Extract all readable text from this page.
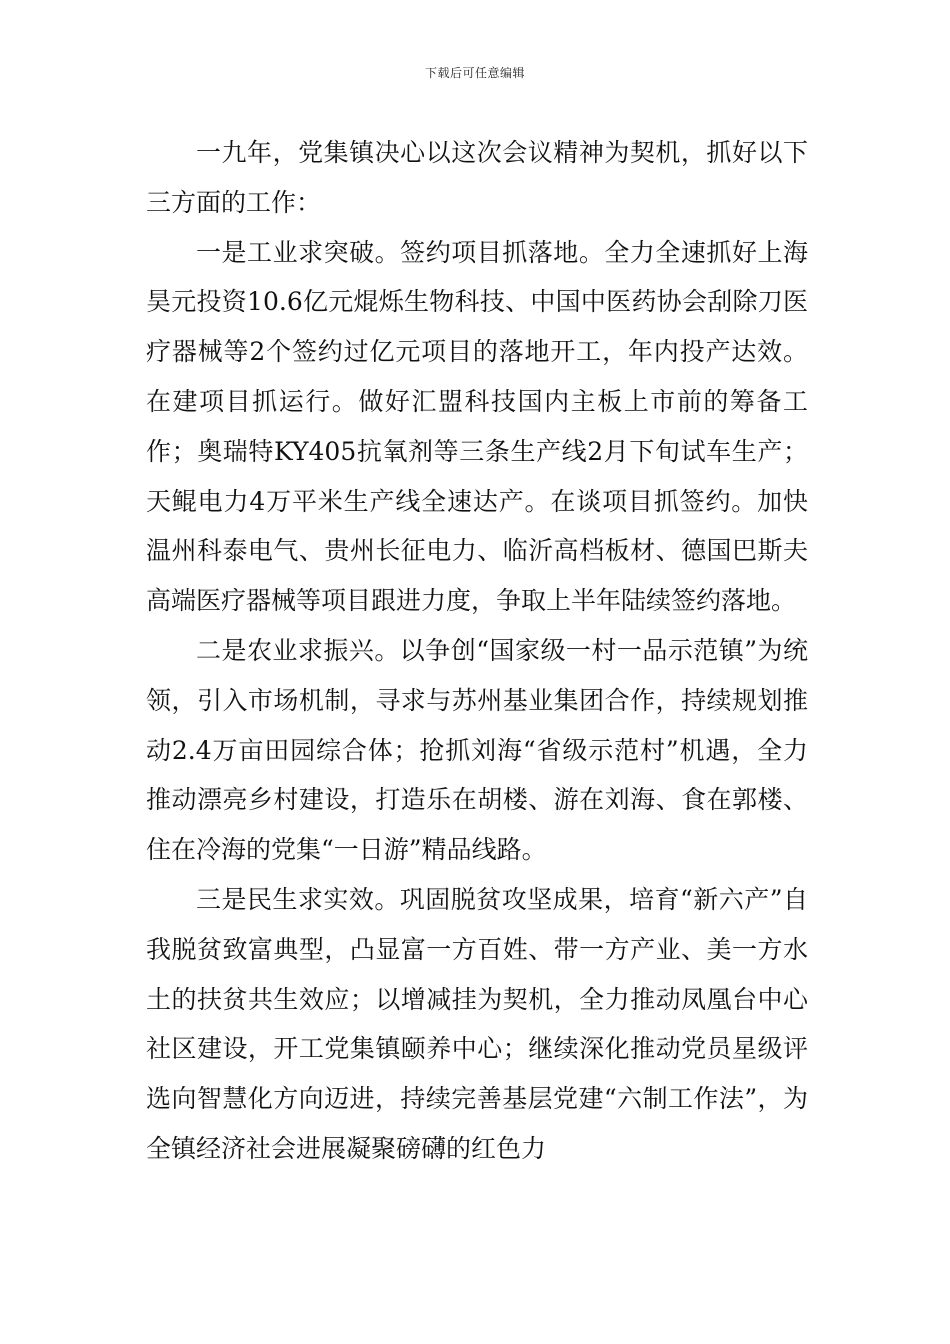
下载后可任意编辑

一九年，党集镇决心以这次会议精神为契机，抓好以下三方面的工作：

一是工业求突破。签约项目抓落地。全力全速抓好上海昊元投资10.6亿元焜烁生物科技、中国中医药协会刮除刀医疗器械等2个签约过亿元项目的落地开工，年内投产达效。在建项目抓运行。做好汇盟科技国内主板上市前的筹备工作；奥瑞特KY405抗氧剂等三条生产线2月下旬试车生产；天鲲电力4万平米生产线全速达产。在谈项目抓签约。加快温州科泰电气、贵州长征电力、临沂高档板材、德国巴斯夫高端医疗器械等项目跟进力度，争取上半年陆续签约落地。

二是农业求振兴。以争创“国家级一村一品示范镇”为统领，引入市场机制，寻求与苏州基业集团合作，持续规划推动2.4万亩田园综合体；抢抓刘海“省级示范村”机遇，全力推动漂亮乡村建设，打造乐在胡楼、游在刘海、食在郭楼、住在冷海的党集“一日游”精品线路。

三是民生求实效。巩固脱贫攻坚成果，培育“新六产”自我脱贫致富典型，凸显富一方百姓、带一方产业、美一方水土的扶贫共生效应；以增减挂为契机，全力推动凤凰台中心社区建设，开工党集镇颐养中心；继续深化推动党员星级评选向智慧化方向迈进，持续完善基层党建“六制工作法”，为全镇经济社会进展凝聚磅礴的红色力
